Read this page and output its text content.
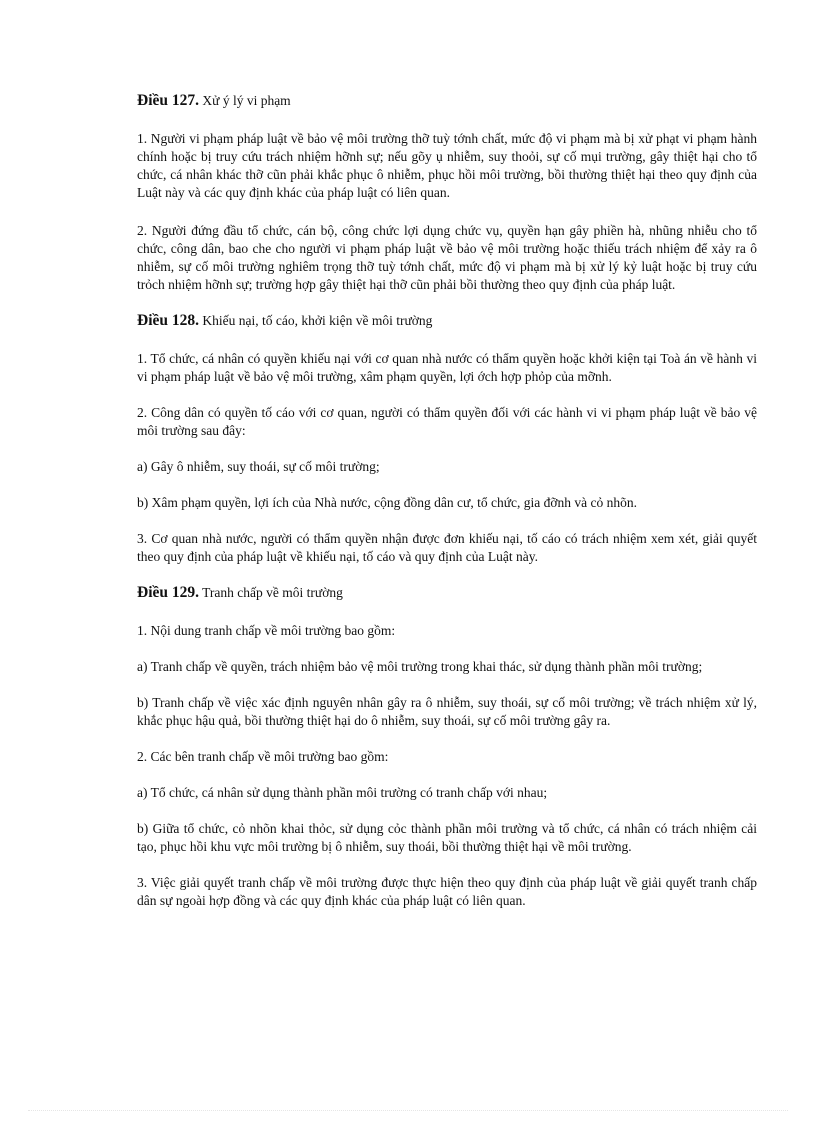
Điều 127. Xử ý lý vi phạm

1. Người vi phạm pháp luật về bảo vệ môi trường thỡ tuỳ tớnh chất, mức độ vi phạm mà bị xử phạt vi phạm hành chính hoặc bị truy cứu trách nhiệm hỡnh sự; nếu gõy ụ nhiễm, suy thoỏi, sự cố mụi trường, gây thiệt hại cho tổ chức, cá nhân khác thỡ cũn phải khắc phục ô nhiễm, phục hồi môi trường, bồi thường thiệt hại theo quy định của Luật này và các quy định khác của pháp luật có liên quan.

2. Người đứng đầu tổ chức, cán bộ, công chức lợi dụng chức vụ, quyền hạn gây phiền hà, nhũng nhiễu cho tổ chức, công dân, bao che cho người vi phạm pháp luật về bảo vệ môi trường hoặc thiếu trách nhiệm để xảy ra ô nhiễm, sự cố môi trường nghiêm trọng thỡ tuỳ tớnh chất, mức độ vi phạm mà bị xử lý kỷ luật hoặc bị truy cứu trỏch nhiệm hỡnh sự; trường hợp gây thiệt hại thỡ cũn phải bồi thường theo quy định của pháp luật.

Điều 128. Khiếu nại, tố cáo, khởi kiện về môi trường

1. Tổ chức, cá nhân có quyền khiếu nại với cơ quan nhà nước có thẩm quyền hoặc khởi kiện tại Toà án về hành vi vi phạm pháp luật về bảo vệ môi trường, xâm phạm quyền, lợi ớch hợp phỏp của mỡnh.

2. Công dân có quyền tố cáo với cơ quan, người có thẩm quyền đối với các hành vi vi phạm pháp luật về bảo vệ môi trường sau đây:

a) Gây ô nhiễm, suy thoái, sự cố môi trường;

b) Xâm phạm quyền, lợi ích của Nhà nước, cộng đồng dân cư, tổ chức, gia đỡnh và cỏ nhõn.

3. Cơ quan nhà nước, người có thẩm quyền nhận được đơn khiếu nại, tố cáo có trách nhiệm xem xét, giải quyết theo quy định của pháp luật về khiếu nại, tố cáo và quy định của Luật này.

Điều 129. Tranh chấp về môi trường

1. Nội dung tranh chấp về môi trường bao gồm:

a) Tranh chấp về quyền, trách nhiệm bảo vệ môi trường trong khai thác, sử dụng thành phần môi trường;

b) Tranh chấp về việc xác định nguyên nhân gây ra ô nhiễm, suy thoái, sự cố môi trường; về trách nhiệm xử lý, khắc phục hậu quả, bồi thường thiệt hại do ô nhiễm, suy thoái, sự cố môi trường gây ra.

2. Các bên tranh chấp về môi trường bao gồm:

a) Tổ chức, cá nhân sử dụng thành phần môi trường có tranh chấp với nhau;

b) Giữa tổ chức, cỏ nhõn khai thỏc, sử dụng cỏc thành phần môi trường và tổ chức, cá nhân có trách nhiệm cải tạo, phục hồi khu vực môi trường bị ô nhiễm, suy thoái, bồi thường thiệt hại về môi trường.

3. Việc giải quyết tranh chấp về môi trường được thực hiện theo quy định của pháp luật về giải quyết tranh chấp dân sự ngoài hợp đồng và các quy định khác của pháp luật có liên quan.
